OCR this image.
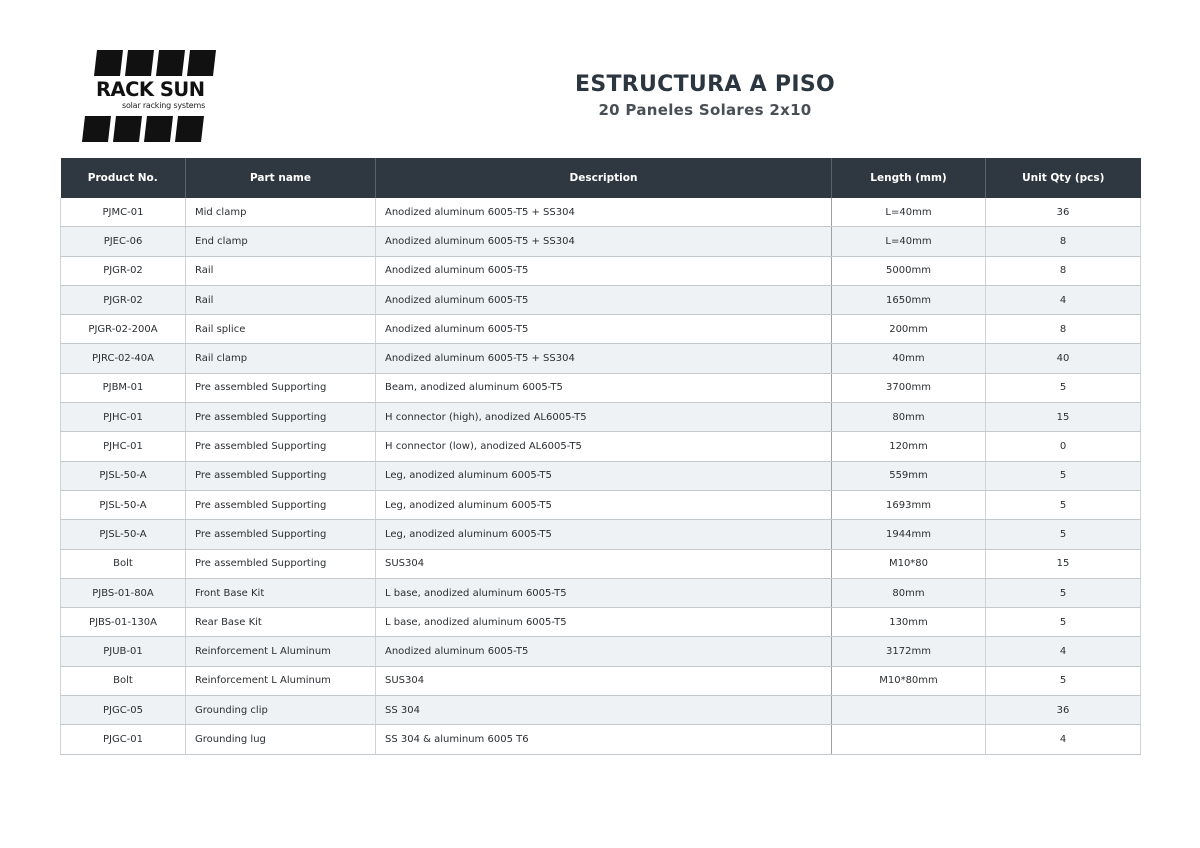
RACK SUN
solar racking systems
ESTRUCTURA A PISO
20 Paneles Solares 2x10
Product No.	Part name	Description	Length (mm)	Unit Qty (pcs)
PJMC-01	Mid clamp	Anodized aluminum 6005-T5 + SS304	L=40mm	36
PJEC-06	End clamp	Anodized aluminum 6005-T5 + SS304	L=40mm	8
PJGR-02	Rail	Anodized aluminum 6005-T5	5000mm	8
PJGR-02	Rail	Anodized aluminum 6005-T5	1650mm	4
PJGR-02-200A	Rail splice	Anodized aluminum 6005-T5	200mm	8
PJRC-02-40A	Rail clamp	Anodized aluminum 6005-T5 + SS304	40mm	40
PJBM-01	Pre assembled Supporting	Beam, anodized aluminum 6005-T5	3700mm	5
PJHC-01	Pre assembled Supporting	H connector (high), anodized AL6005-T5	80mm	15
PJHC-01	Pre assembled Supporting	H connector (low), anodized AL6005-T5	120mm	0
PJSL-50-A	Pre assembled Supporting	Leg, anodized aluminum 6005-T5	559mm	5
PJSL-50-A	Pre assembled Supporting	Leg, anodized aluminum 6005-T5	1693mm	5
PJSL-50-A	Pre assembled Supporting	Leg, anodized aluminum 6005-T5	1944mm	5
Bolt	Pre assembled Supporting	SUS304	M10*80	15
PJBS-01-80A	Front Base Kit	L base, anodized aluminum 6005-T5	80mm	5
PJBS-01-130A	Rear Base Kit	L base, anodized aluminum 6005-T5	130mm	5
PJUB-01	Reinforcement L Aluminum	Anodized aluminum 6005-T5	3172mm	4
Bolt	Reinforcement L Aluminum	SUS304	M10*80mm	5
PJGC-05	Grounding clip	SS 304		36
PJGC-01	Grounding lug	SS 304 & aluminum 6005 T6		4
